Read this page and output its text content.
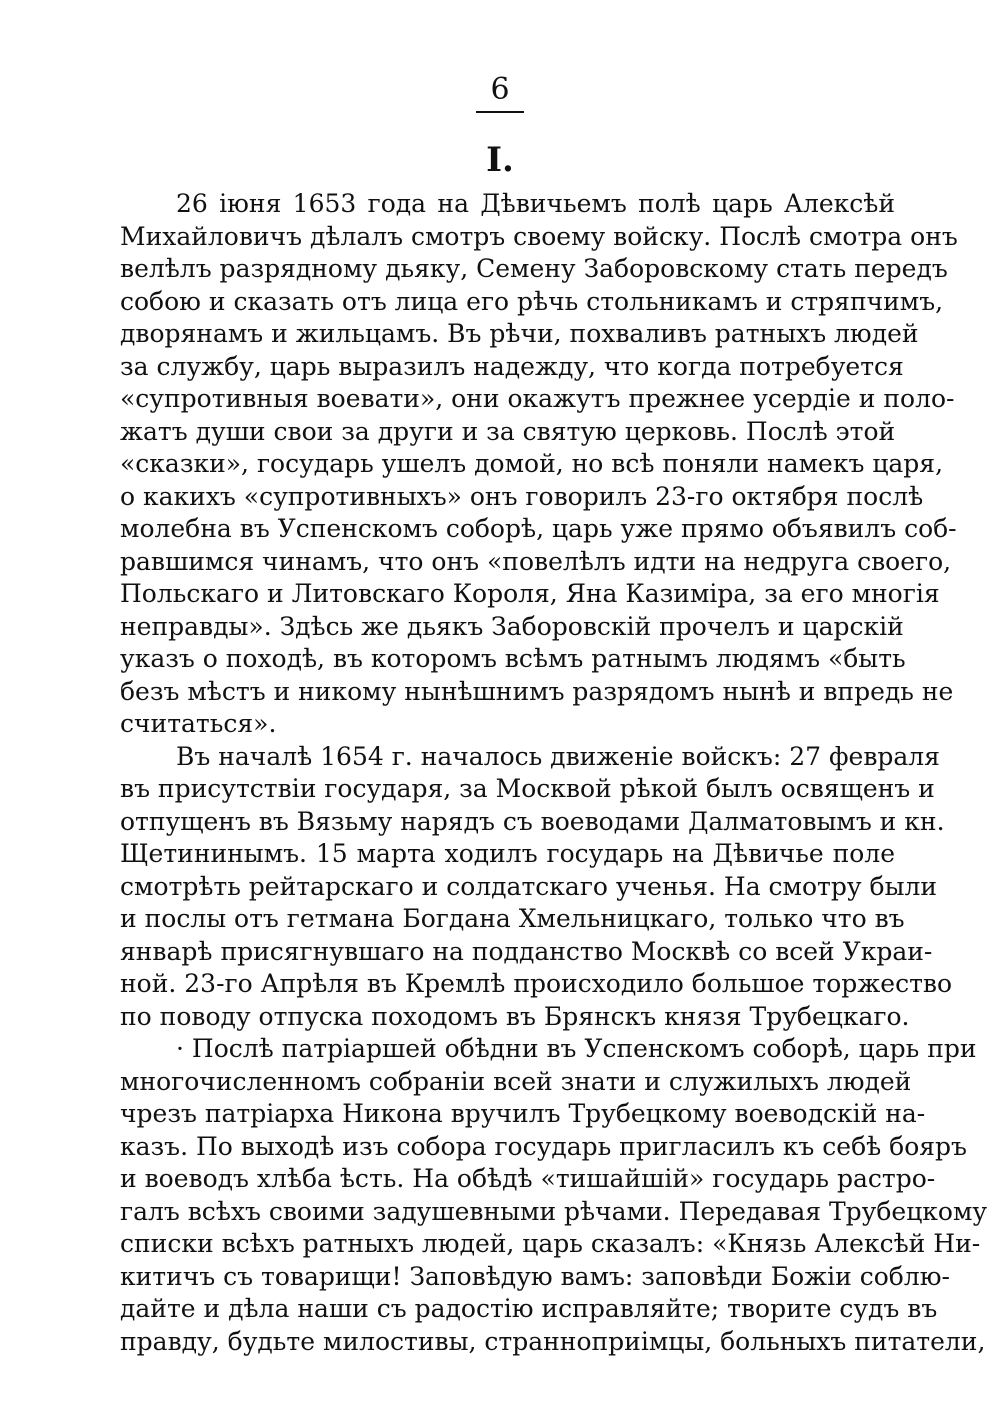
6
I.
26 іюня 1653 года на Дѣвичьемъ полѣ царь Алексѣй
Михайловичъ дѣлалъ смотръ своему войску. Послѣ смотра онъ
велѣлъ разрядному дьяку, Семену Заборовскому стать передъ
собою и сказать отъ лица его рѣчь стольникамъ и стряпчимъ,
дворянамъ и жильцамъ. Въ рѣчи, похваливъ ратныхъ людей
за службу, царь выразилъ надежду, что когда потребуется
«супротивныя воевати», они окажутъ прежнее усердіе и поло-
жатъ души свои за други и за святую церковь. Послѣ этой
«сказки», государь ушелъ домой, но всѣ поняли намекъ царя,
о какихъ «супротивныхъ» онъ говорилъ 23-го октября послѣ
молебна въ Успенскомъ соборѣ, царь уже прямо объявилъ соб-
равшимся чинамъ, что онъ «повелѣлъ идти на недруга своего,
Польскаго и Литовскаго Короля, Яна Казиміра, за его многія
неправды». Здѣсь же дьякъ Заборовскій прочелъ и царскій
указъ о походѣ, въ которомъ всѣмъ ратнымъ людямъ «быть
безъ мѣстъ и никому нынѣшнимъ разрядомъ нынѣ и впредь не
считаться».
Въ началѣ 1654 г. началось движеніе войскъ: 27 февраля
въ присутствіи государя, за Москвой рѣкой былъ освященъ и
отпущенъ въ Вязьму нарядъ съ воеводами Далматовымъ и кн.
Щетининымъ. 15 марта ходилъ государь на Дѣвичье поле
смотрѣть рейтарскаго и солдатскаго ученья. На смотру были
и послы отъ гетмана Богдана Хмельницкаго, только что въ
январѣ присягнувшаго на подданство Москвѣ со всей Украи-
ной. 23-го Апрѣля въ Кремлѣ происходило большое торжество
по поводу отпуска походомъ въ Брянскъ князя Трубецкаго.
· Послѣ патріаршей обѣдни въ Успенскомъ соборѣ, царь при
многочисленномъ собраніи всей знати и служилыхъ людей
чрезъ патріарха Никона вручилъ Трубецкому воеводскій на-
казъ. По выходѣ изъ собора государь пригласилъ къ себѣ бояръ
и воеводъ хлѣба ѣсть. На обѣдѣ «тишайшій» государь растро-
галъ всѣхъ своими задушевными рѣчами. Передавая Трубецкому
списки всѣхъ ратныхъ людей, царь сказалъ: «Князь Алексѣй Ни-
китичъ съ товарищи! Заповѣдую вамъ: заповѣди Божіи соблю-
дайте и дѣла наши съ радостію исправляйте; творите судъ въ
правду, будьте милостивы, странноприімцы, больныхъ питатели,
